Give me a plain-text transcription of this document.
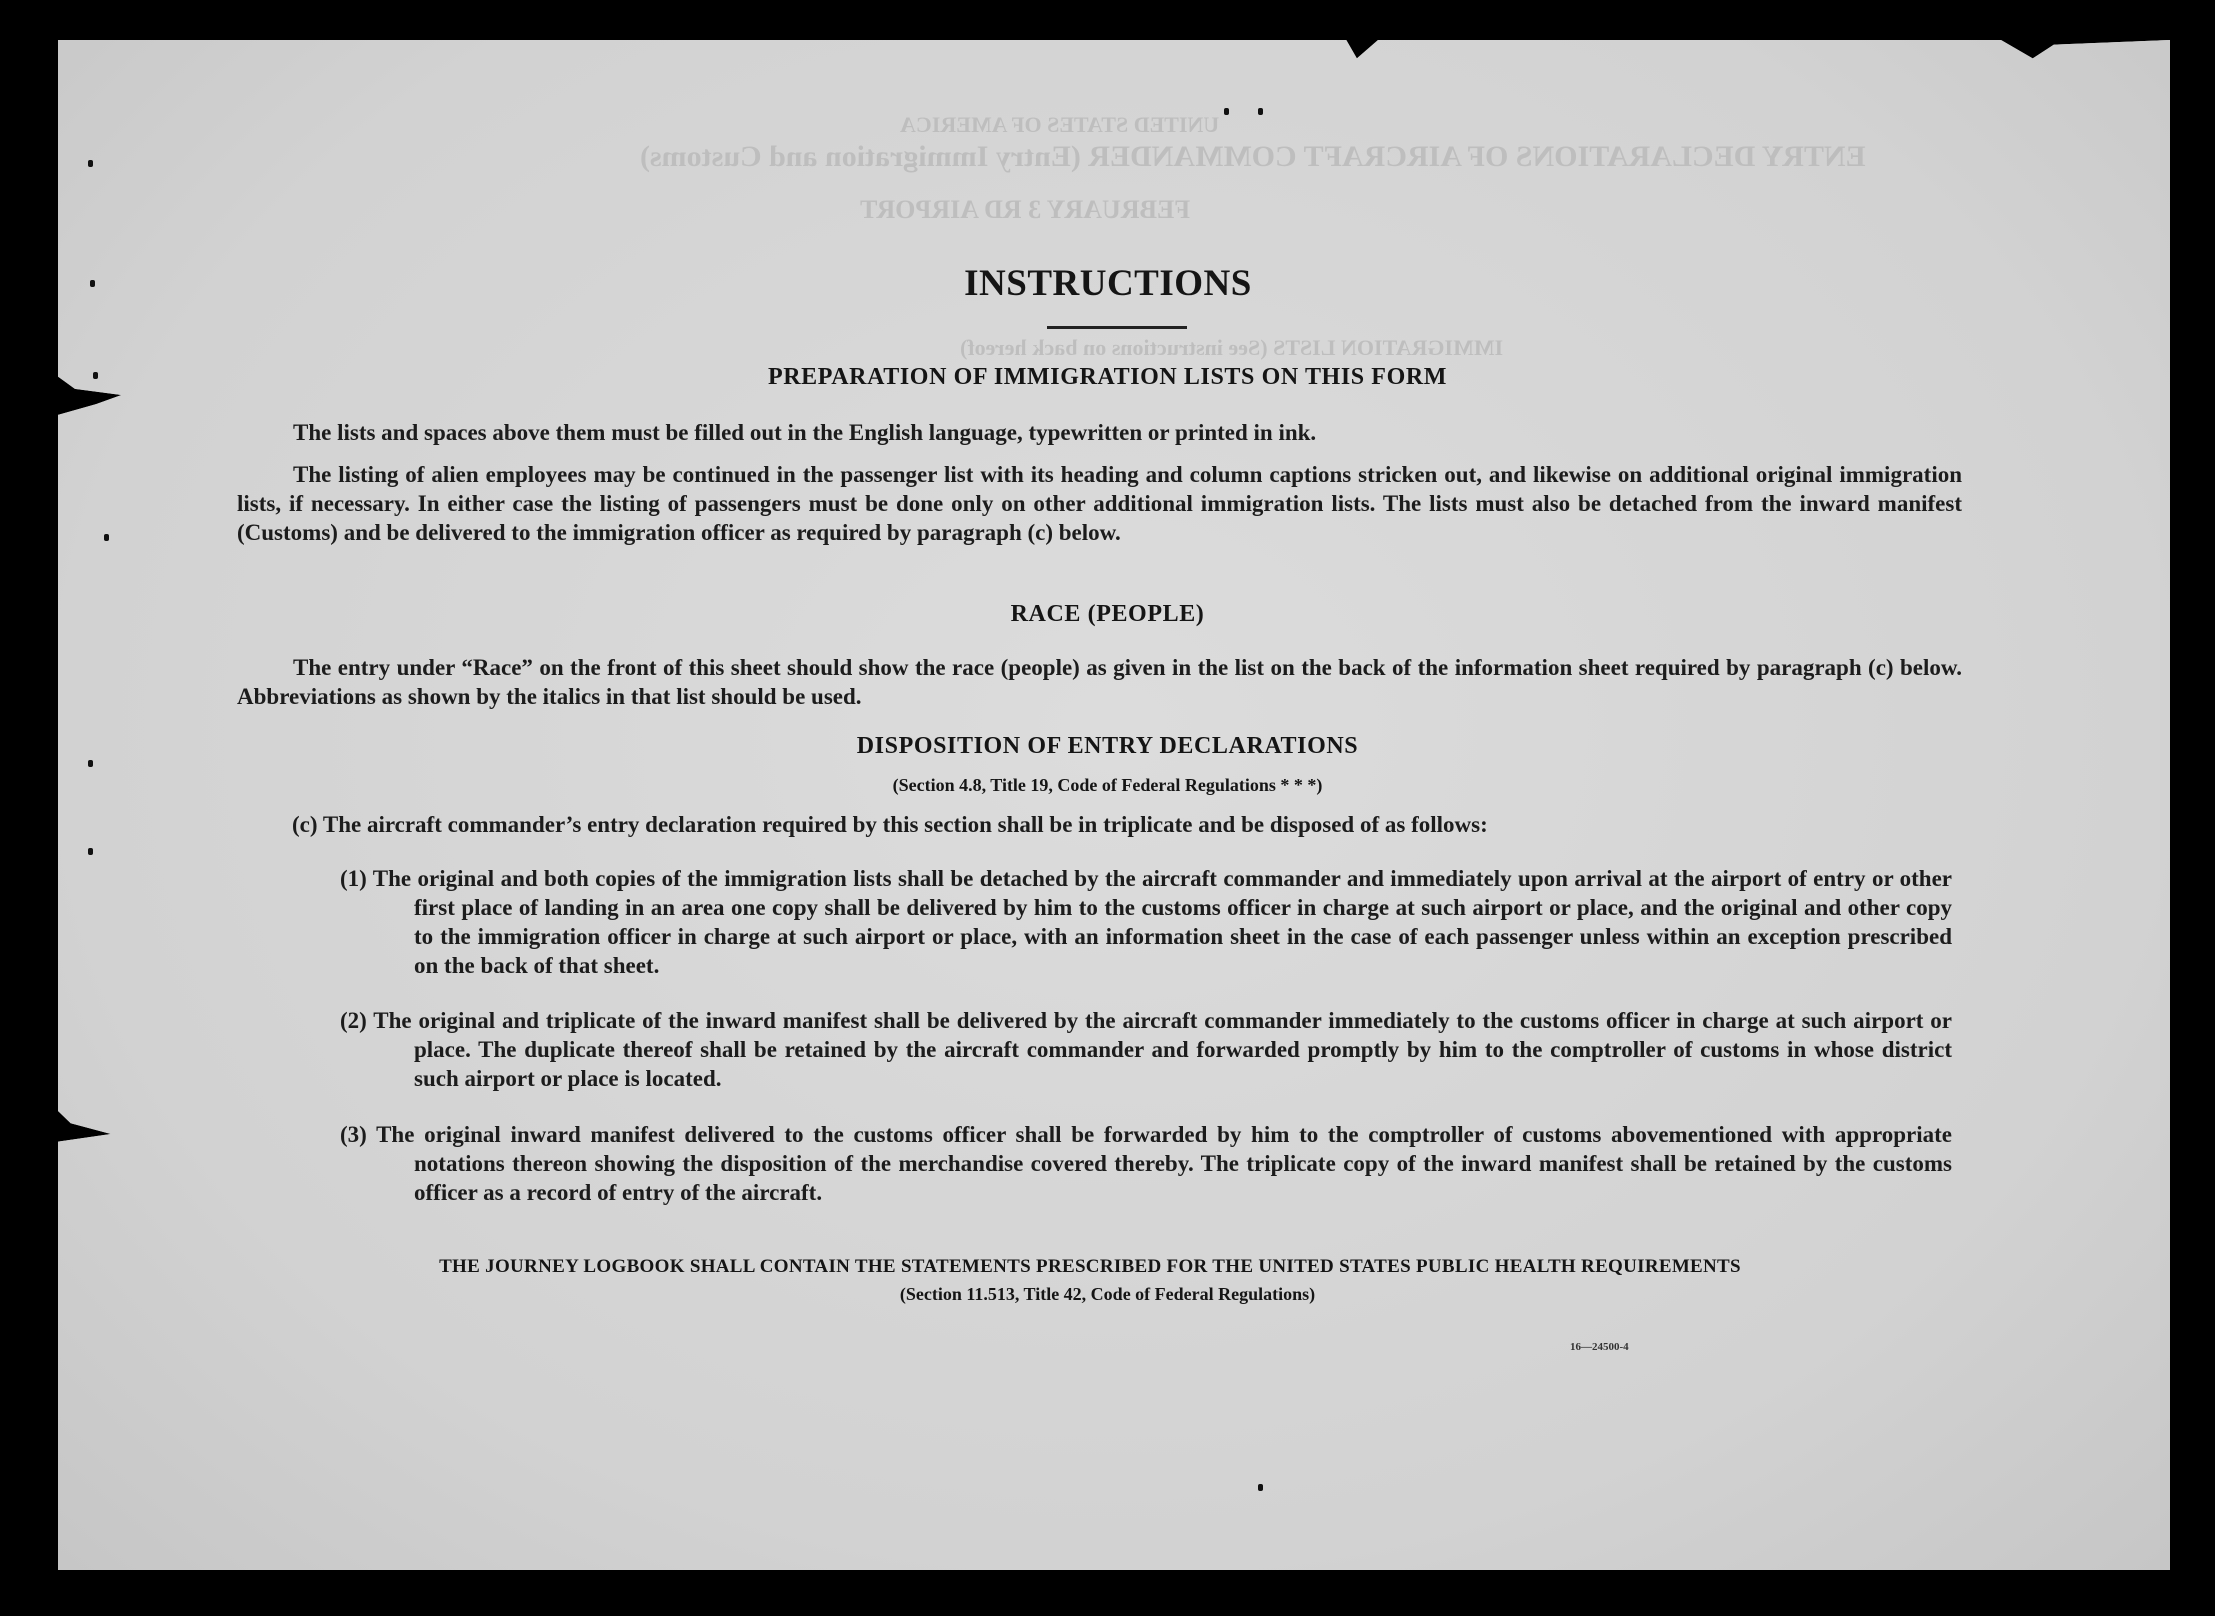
UNITED STATES OF AMERICA
ENTRY DECLARATIONS OF AIRCRAFT COMMANDER (Entry Immigration and Customs)
FEBRUARY 3 RD AIRPORT
IMMIGRATION LISTS (See instructions on back hereof)
INSTRUCTIONS
PREPARATION OF IMMIGRATION LISTS ON THIS FORM
The lists and spaces above them must be filled out in the English language, typewritten or printed in ink.
The listing of alien employees may be continued in the passenger list with its heading and column captions stricken out, and likewise on additional original immigration lists, if necessary. In either case the listing of passengers must be done only on other additional immigration lists. The lists must also be detached from the inward manifest (Customs) and be delivered to the immigration officer as required by paragraph (c) below.
RACE (PEOPLE)
The entry under “Race” on the front of this sheet should show the race (people) as given in the list on the back of the information sheet required by paragraph (c) below. Abbreviations as shown by the italics in that list should be used.
DISPOSITION OF ENTRY DECLARATIONS
(Section 4.8, Title 19, Code of Federal Regulations * * *)
(c) The aircraft commander’s entry declaration required by this section shall be in triplicate and be disposed of as follows:
(1) The original and both copies of the immigration lists shall be detached by the aircraft commander and immediately upon arrival at the airport of entry or other first place of landing in an area one copy shall be delivered by him to the customs officer in charge at such airport or place, and the original and other copy to the immigration officer in charge at such airport or place, with an information sheet in the case of each passenger unless within an exception prescribed on the back of that sheet.
(2) The original and triplicate of the inward manifest shall be delivered by the aircraft commander immediately to the customs officer in charge at such airport or place. The duplicate thereof shall be retained by the aircraft commander and forwarded promptly by him to the comptroller of customs in whose district such airport or place is located.
(3) The original inward manifest delivered to the customs officer shall be forwarded by him to the comptroller of customs abovementioned with appropriate notations thereon showing the disposition of the merchandise covered thereby. The triplicate copy of the inward manifest shall be retained by the customs officer as a record of entry of the aircraft.
THE JOURNEY LOGBOOK SHALL CONTAIN THE STATEMENTS PRESCRIBED FOR THE UNITED STATES PUBLIC HEALTH REQUIREMENTS
(Section 11.513, Title 42, Code of Federal Regulations)
16—24500-4
